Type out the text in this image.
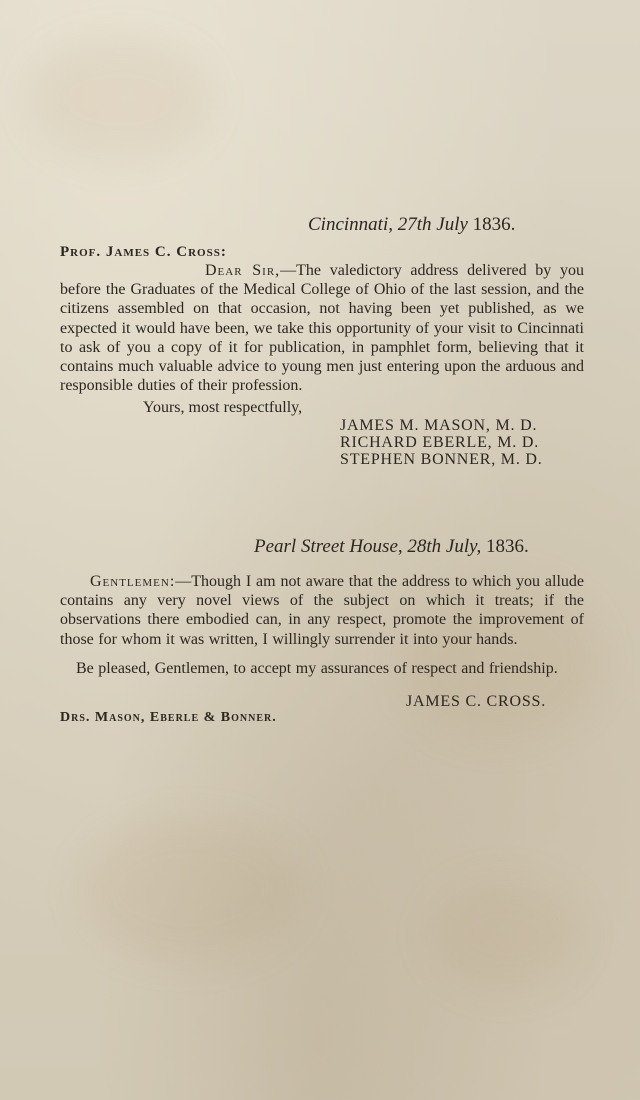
Cincinnati, 27th July 1836.
Prof. James C. Cross:
Dear Sir,—The valedictory address delivered by you before the Graduates of the Medical College of Ohio of the last session, and the citizens assembled on that occasion, not having been yet published, as we expected it would have been, we take this opportunity of your visit to Cincinnati to ask of you a copy of it for publication, in pamphlet form, believing that it contains much valuable advice to young men just entering upon the arduous and responsible duties of their profession.
Yours, most respectfully,
JAMES M. MASON, M. D.
RICHARD EBERLE, M. D.
STEPHEN BONNER, M. D.
Pearl Street House, 28th July, 1836.
Gentlemen:—Though I am not aware that the address to which you allude contains any very novel views of the subject on which it treats; if the observations there embodied can, in any respect, promote the improvement of those for whom it was written, I willingly surrender it into your hands.
Be pleased, Gentlemen, to accept my assurances of respect and friendship.
JAMES C. CROSS.
Drs. Mason, Eberle & Bonner.
